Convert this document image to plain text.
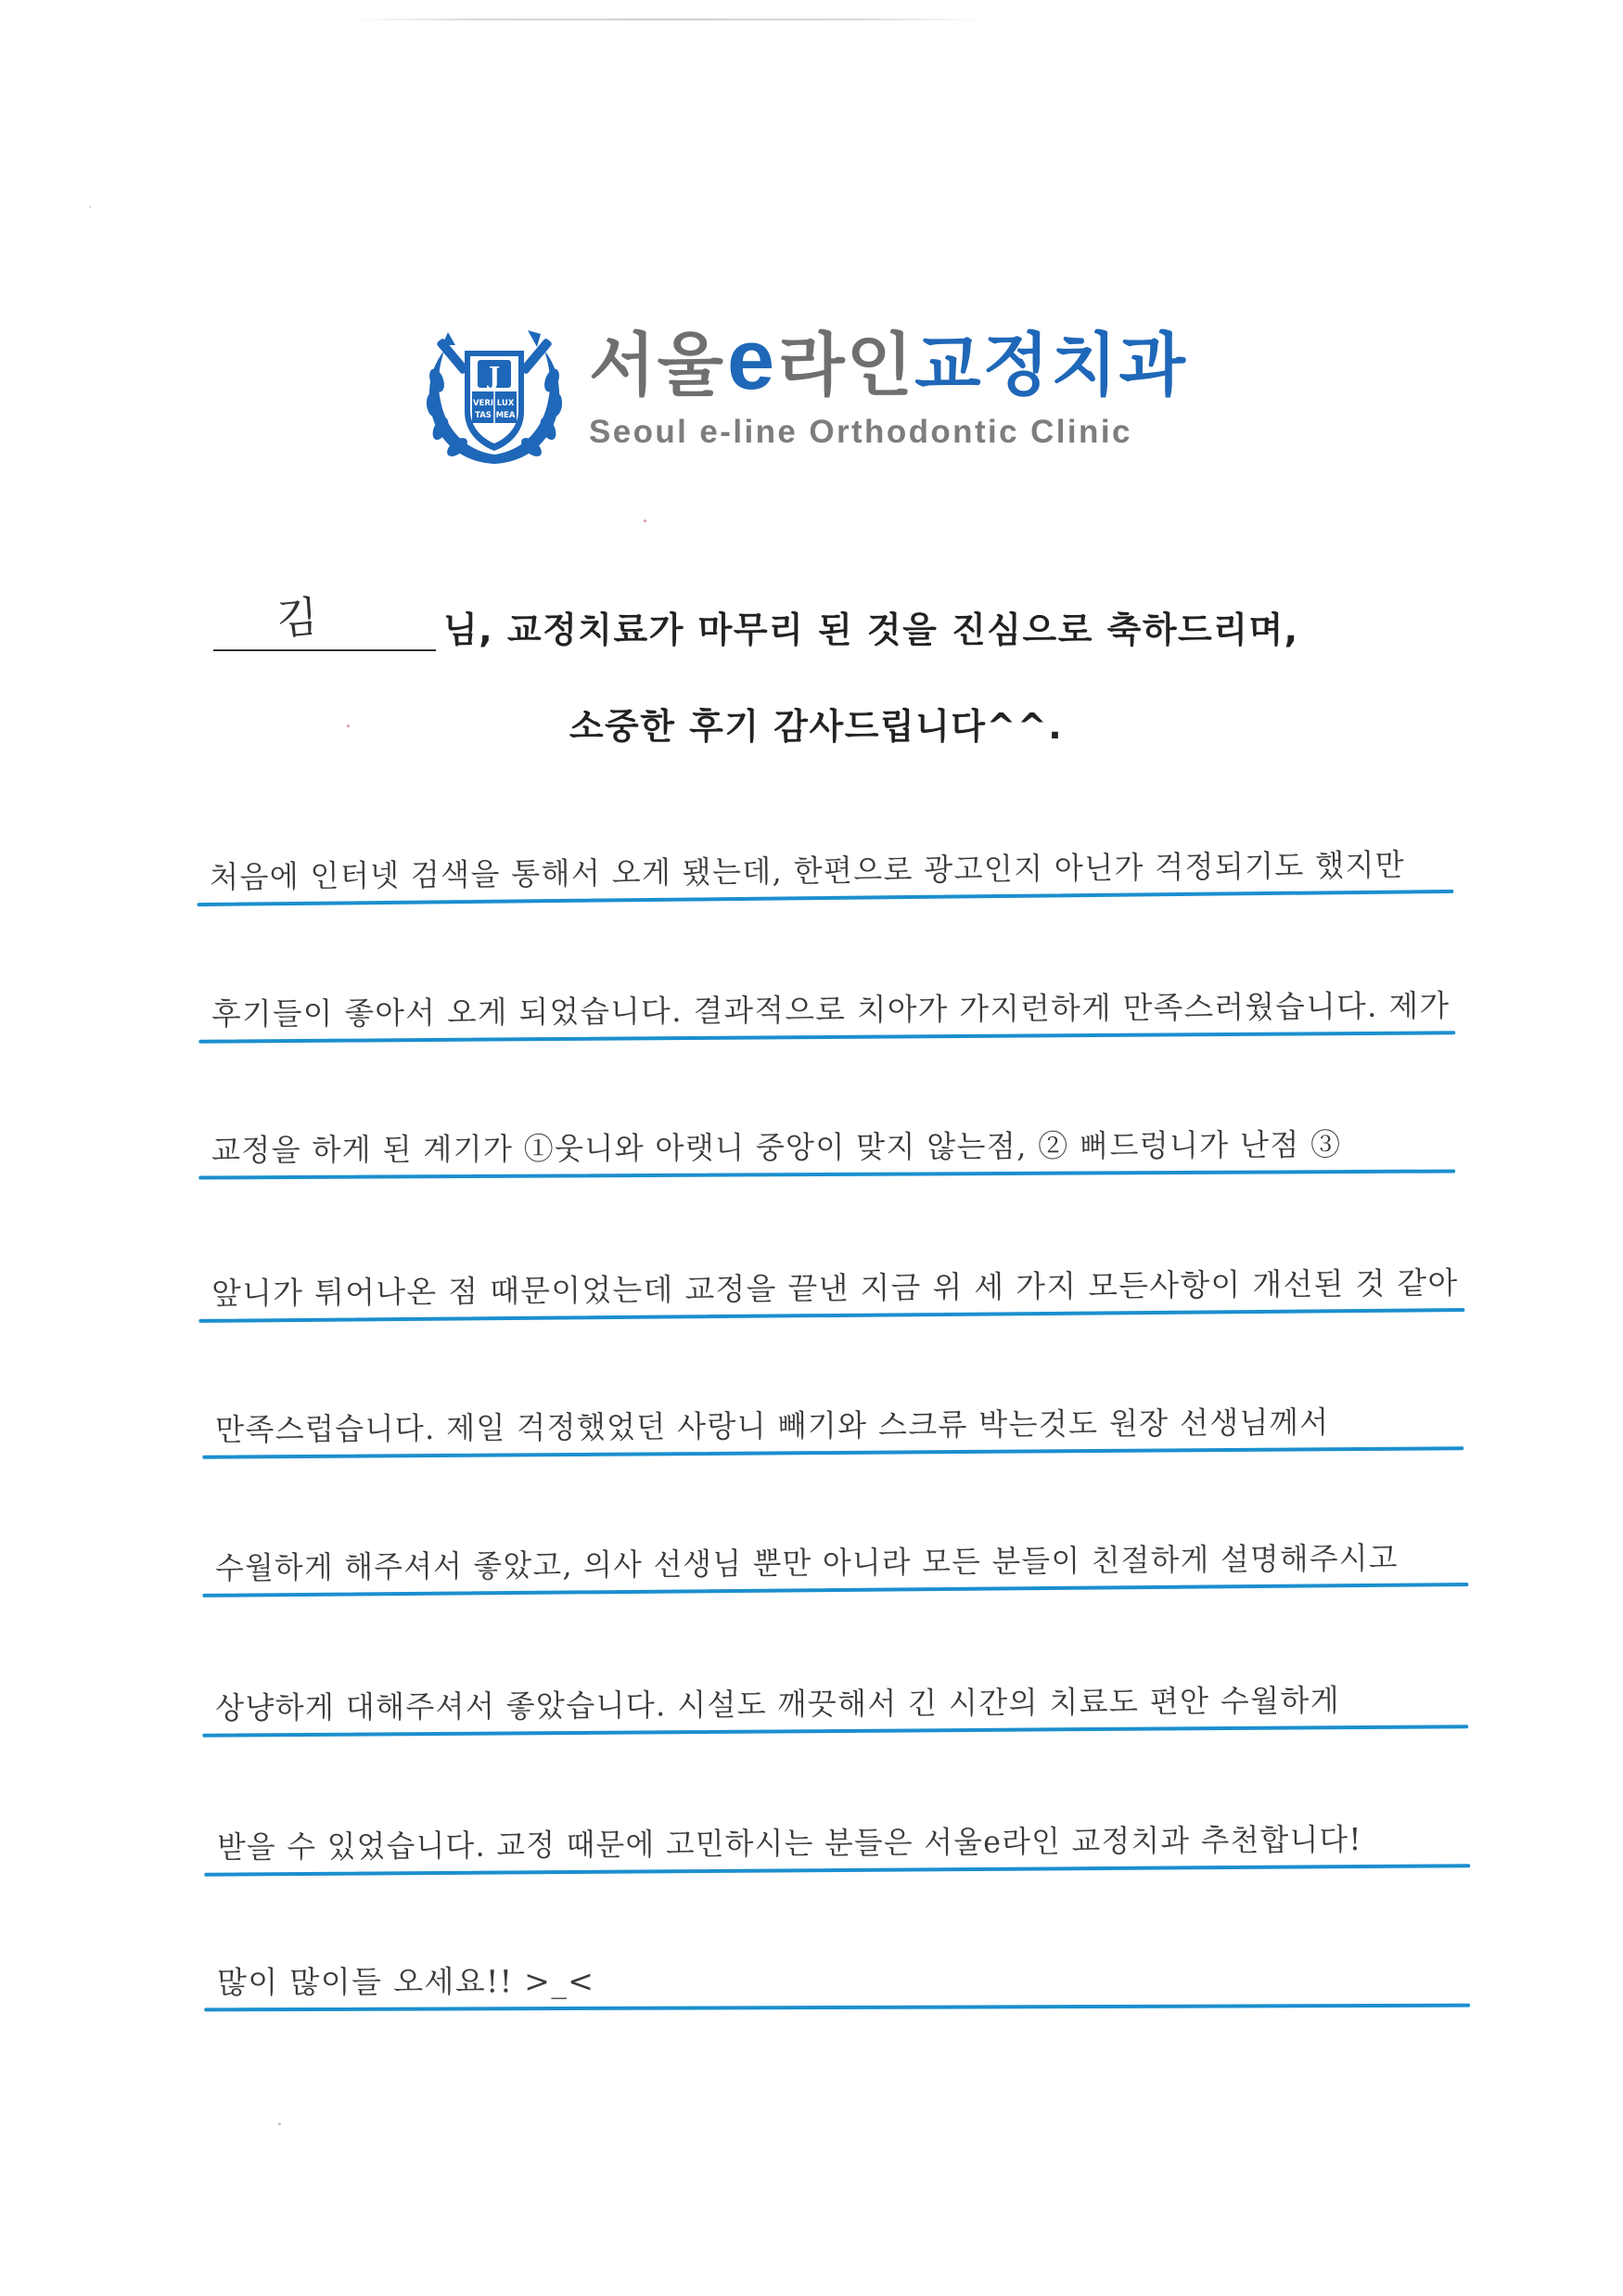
J
VERI LUX
TAS MEA
서울 e 라인 교정치과
Seoul e-line Orthodontic Clinic
김	님, 교정치료가 마무리 된 것을 진심으로 축하드리며,
소중한 후기 감사드립니다^^.
처음에 인터넷 검색을 통해서 오게 됐는데, 한편으로 광고인지 아닌가 걱정되기도 했지만
후기들이 좋아서 오게 되었습니다. 결과적으로 치아가 가지런하게 만족스러웠습니다. 제가
교정을 하게 된 계기가 ①웃니와 아랫니 중앙이 맞지 않는점, ② 뻐드렁니가 난점 ③
앞니가 튀어나온 점 때문이었는데 교정을 끝낸 지금 위 세 가지 모든사항이 개선된 것 같아
만족스럽습니다. 제일 걱정했었던 사랑니 빼기와 스크류 박는것도 원장 선생님께서
수월하게 해주셔서 좋았고, 의사 선생님 뿐만 아니라 모든 분들이 친절하게 설명해주시고
상냥하게 대해주셔서 좋았습니다. 시설도 깨끗해서 긴 시간의 치료도 편안 수월하게
받을 수 있었습니다. 교정 때문에 고민하시는 분들은 서울e라인 교정치과 추천합니다!
많이 많이들 오세요!! >_<
